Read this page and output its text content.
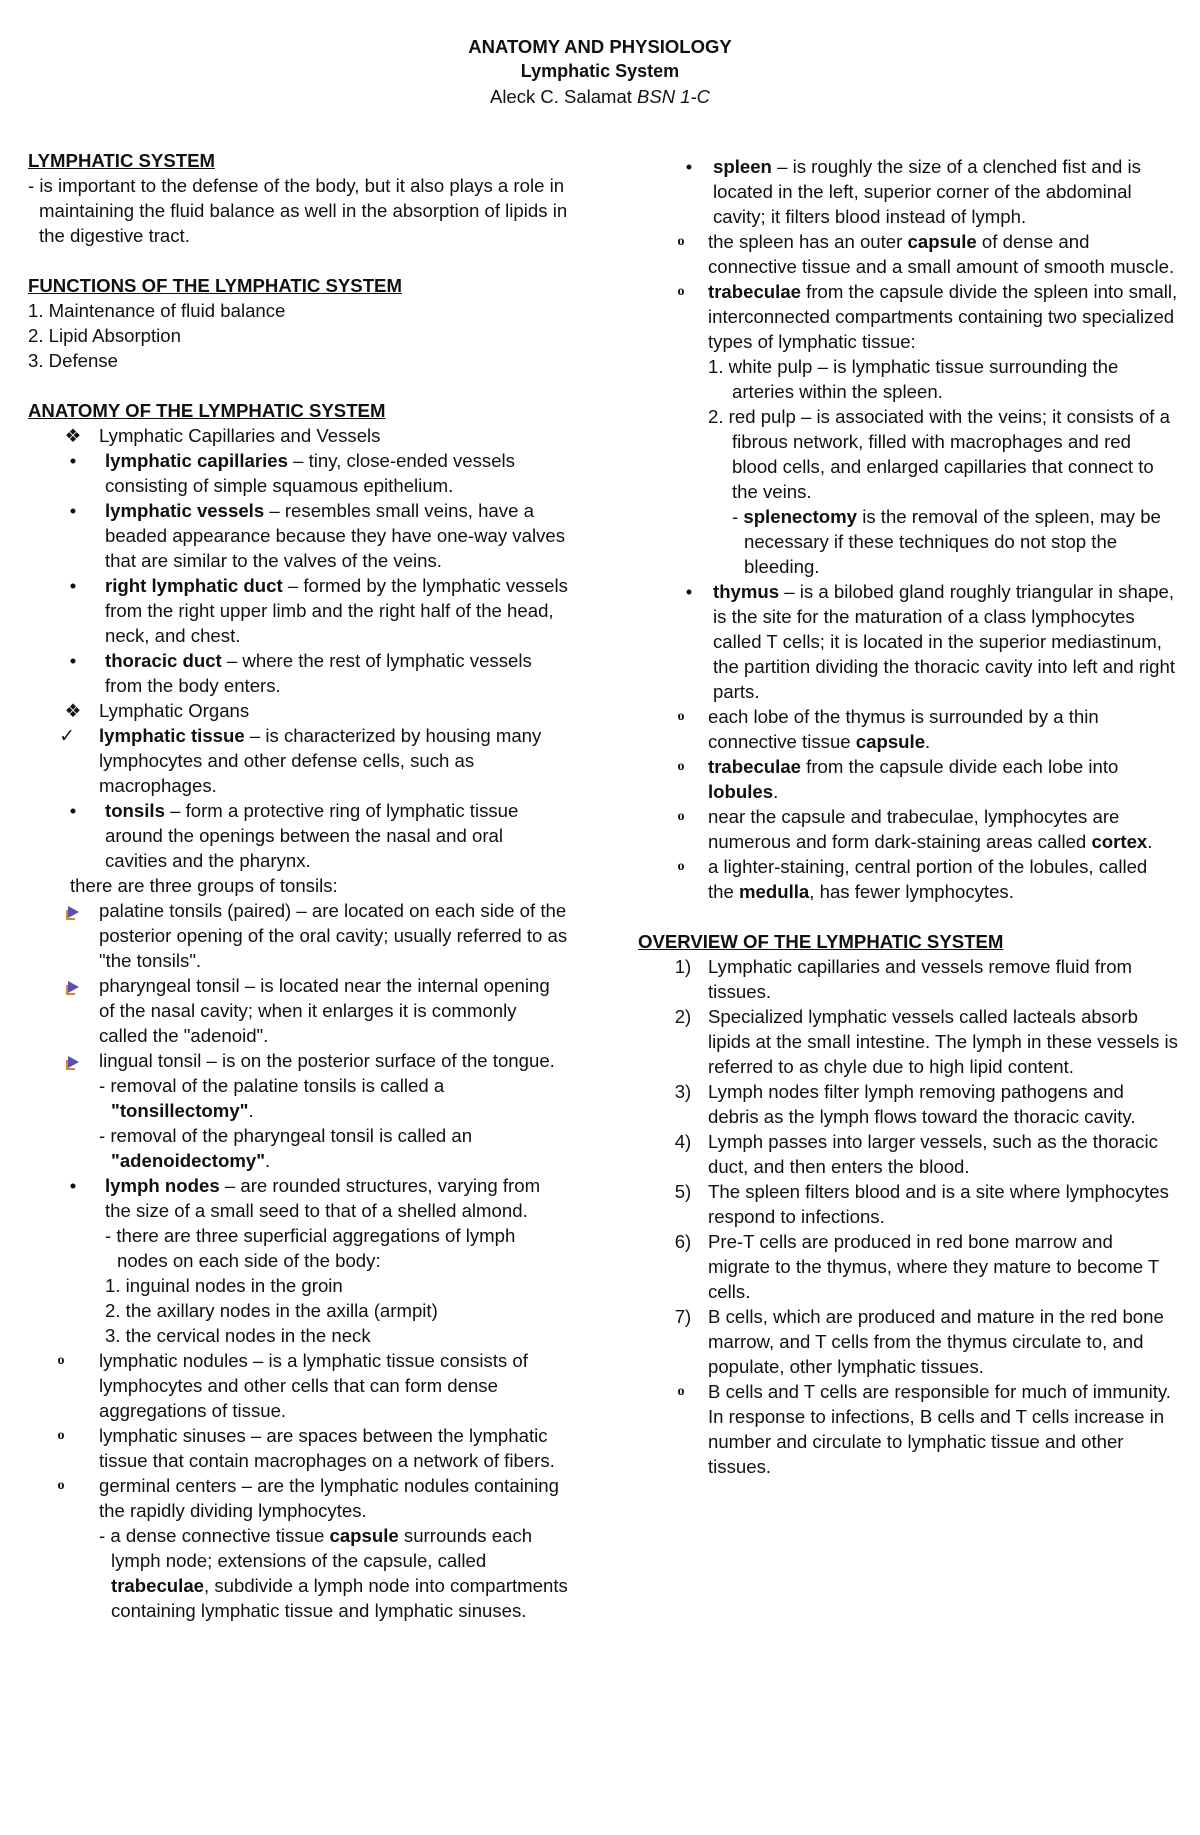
ANATOMY AND PHYSIOLOGY
Lymphatic System
Aleck C. Salamat BSN 1-C
LYMPHATIC SYSTEM
- is important to the defense of the body, but it also plays a role in maintaining the fluid balance as well in the absorption of lipids in the digestive tract.
FUNCTIONS OF THE LYMPHATIC SYSTEM
1. Maintenance of fluid balance
2. Lipid Absorption
3. Defense
ANATOMY OF THE LYMPHATIC SYSTEM
❖ Lymphatic Capillaries and Vessels
•	lymphatic capillaries – tiny, close-ended vessels consisting of simple squamous epithelium.
•	lymphatic vessels – resembles small veins, have a beaded appearance because they have one-way valves that are similar to the valves of the veins.
•	right lymphatic duct – formed by the lymphatic vessels from the right upper limb and the right half of the head, neck, and chest.
•	thoracic duct – where the rest of lymphatic vessels from the body enters.
❖ Lymphatic Organs
✓ lymphatic tissue – is characterized by housing many lymphocytes and other defense cells, such as macrophages.
•	tonsils – form a protective ring of lymphatic tissue around the openings between the nasal and oral cavities and the pharynx.
there are three groups of tonsils:
palatine tonsils (paired) – are located on each side of the posterior opening of the oral cavity; usually referred to as "the tonsils".
pharyngeal tonsil – is located near the internal opening of the nasal cavity; when it enlarges it is commonly called the "adenoid".
lingual tonsil – is on the posterior surface of the tongue.
- removal of the palatine tonsils is called a "tonsillectomy".
- removal of the pharyngeal tonsil is called an "adenoidectomy".
•	lymph nodes – are rounded structures, varying from the size of a small seed to that of a shelled almond.
- there are three superficial aggregations of lymph nodes on each side of the body:
1. inguinal nodes in the groin
2. the axillary nodes in the axilla (armpit)
3. the cervical nodes in the neck
o	lymphatic nodules – is a lymphatic tissue consists of lymphocytes and other cells that can form dense aggregations of tissue.
o	lymphatic sinuses – are spaces between the lymphatic tissue that contain macrophages on a network of fibers.
o	germinal centers – are the lymphatic nodules containing the rapidly dividing lymphocytes.
- a dense connective tissue capsule surrounds each lymph node; extensions of the capsule, called trabeculae, subdivide a lymph node into compartments containing lymphatic tissue and lymphatic sinuses.
•	spleen – is roughly the size of a clenched fist and is located in the left, superior corner of the abdominal cavity; it filters blood instead of lymph.
o	the spleen has an outer capsule of dense and connective tissue and a small amount of smooth muscle.
o	trabeculae from the capsule divide the spleen into small, interconnected compartments containing two specialized types of lymphatic tissue:
1. white pulp – is lymphatic tissue surrounding the arteries within the spleen.
2. red pulp – is associated with the veins; it consists of a fibrous network, filled with macrophages and red blood cells, and enlarged capillaries that connect to the veins.
- splenectomy is the removal of the spleen, may be necessary if these techniques do not stop the bleeding.
•	thymus – is a bilobed gland roughly triangular in shape, is the site for the maturation of a class lymphocytes called T cells; it is located in the superior mediastinum, the partition dividing the thoracic cavity into left and right parts.
o	each lobe of the thymus is surrounded by a thin connective tissue capsule.
o	trabeculae from the capsule divide each lobe into lobules.
o	near the capsule and trabeculae, lymphocytes are numerous and form dark-staining areas called cortex.
o	a lighter-staining, central portion of the lobules, called the medulla, has fewer lymphocytes.
OVERVIEW OF THE LYMPHATIC SYSTEM
1) Lymphatic capillaries and vessels remove fluid from tissues.
2) Specialized lymphatic vessels called lacteals absorb lipids at the small intestine. The lymph in these vessels is referred to as chyle due to high lipid content.
3) Lymph nodes filter lymph removing pathogens and debris as the lymph flows toward the thoracic cavity.
4) Lymph passes into larger vessels, such as the thoracic duct, and then enters the blood.
5) The spleen filters blood and is a site where lymphocytes respond to infections.
6) Pre-T cells are produced in red bone marrow and migrate to the thymus, where they mature to become T cells.
7) B cells, which are produced and mature in the red bone marrow, and T cells from the thymus circulate to, and populate, other lymphatic tissues.
o	B cells and T cells are responsible for much of immunity. In response to infections, B cells and T cells increase in number and circulate to lymphatic tissue and other tissues.
